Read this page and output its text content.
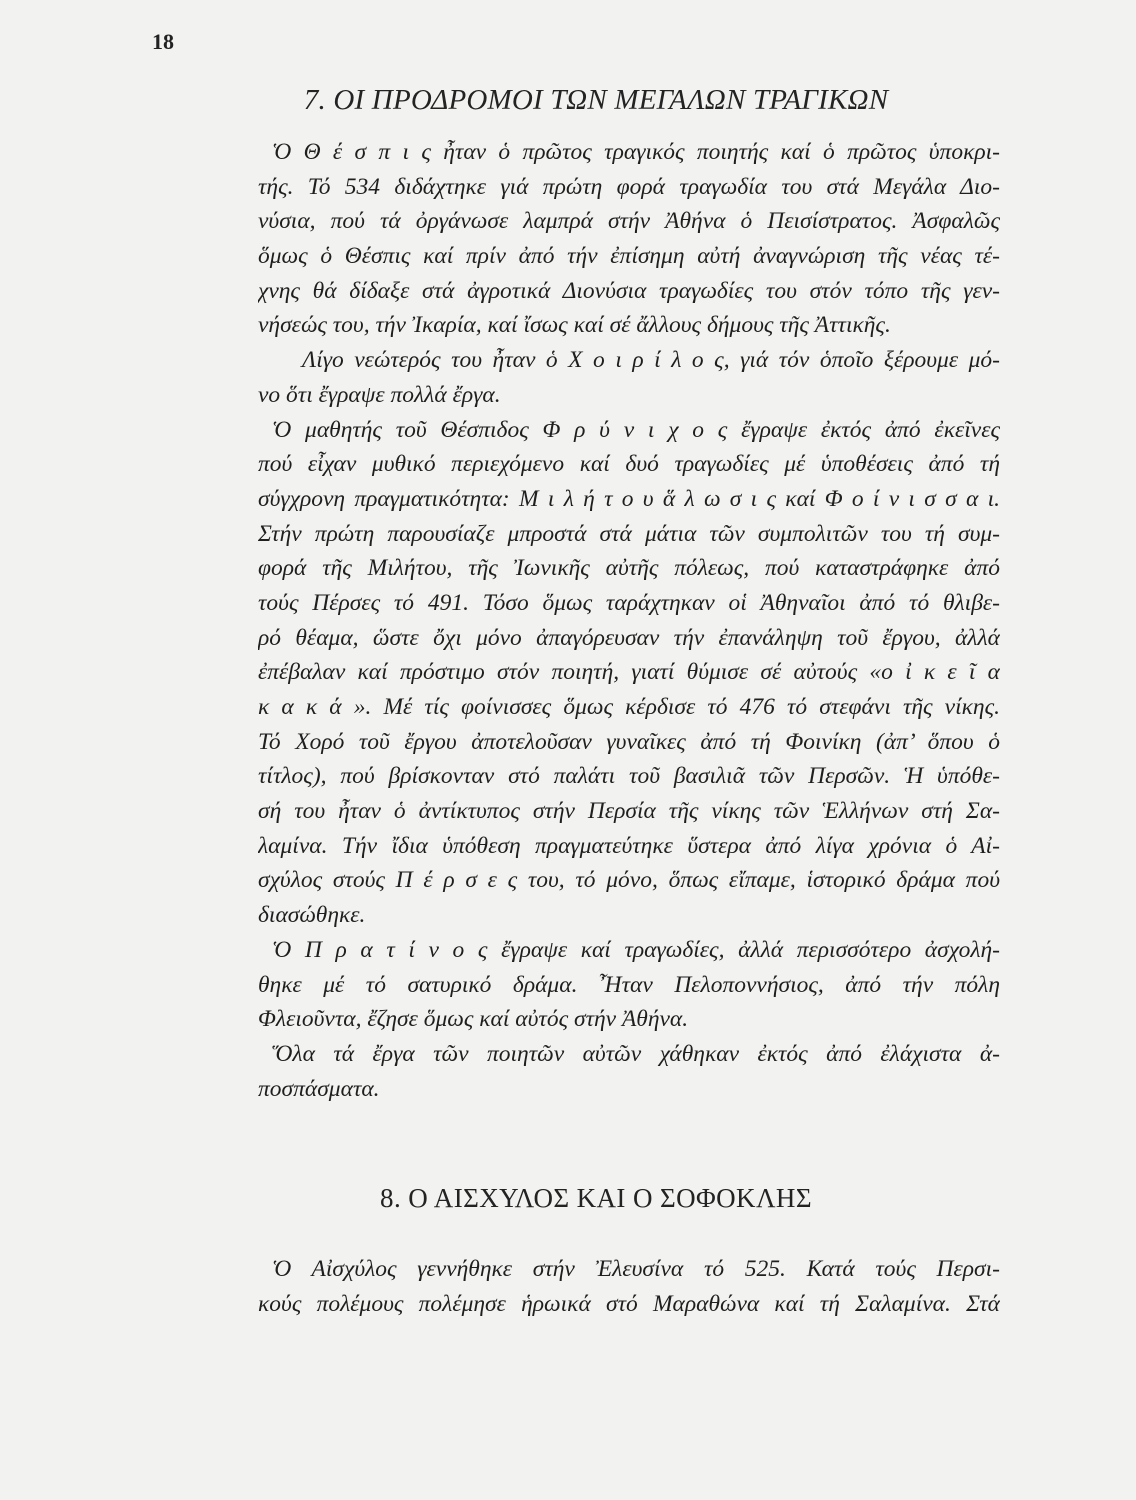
18
7. ΟΙ ΠΡΟΔΡΟΜΟΙ ΤΩΝ ΜΕΓΑΛΩΝ ΤΡΑΓΙΚΩΝ
Ὁ Θ έ σ π ι ς ἦταν ὁ πρῶτος τραγικός ποιητής καί ὁ πρῶτος ὑποκρι-
τής. Τό 534 διδάχτηκε γιά πρώτη φορά τραγωδία του στά Μεγάλα Διο-
νύσια, πού τά ὀργάνωσε λαμπρά στήν Ἀθήνα ὁ Πεισίστρατος. Ἀσφαλῶς
ὅμως ὁ Θέσπις καί πρίν ἀπό τήν ἐπίσημη αὐτή ἀναγνώριση τῆς νέας τέ-
χνης θά δίδαξε στά ἀγροτικά Διονύσια τραγωδίες του στόν τόπο τῆς γεν-
νήσεώς του, τήν Ἰκαρία, καί ἴσως καί σέ ἄλλους δήμους τῆς Ἀττικῆς.
Λίγο νεώτερός του ἦταν ὁ Χ ο ι ρ ί λ ο ς, γιά τόν ὁποῖο ξέρουμε μό-
νο ὅτι ἔγραψε πολλά ἔργα.
Ὁ μαθητής τοῦ Θέσπιδος Φ ρ ύ ν ι χ ο ς ἔγραψε ἐκτός ἀπό ἐκεῖνες
πού εἶχαν μυθικό περιεχόμενο καί δυό τραγωδίες μέ ὑποθέσεις ἀπό τή
σύγχρονη πραγματικότητα: Μ ι λ ή τ ο υ ἅ λ ω σ ι ς καί Φ ο ί ν ι σ σ α ι.
Στήν πρώτη παρουσίαζε μπροστά στά μάτια τῶν συμπολιτῶν του τή συμ-
φορά τῆς Μιλήτου, τῆς Ἰωνικῆς αὐτῆς πόλεως, πού καταστράφηκε ἀπό
τούς Πέρσες τό 491. Τόσο ὅμως ταράχτηκαν οἱ Ἀθηναῖοι ἀπό τό θλιβε-
ρό θέαμα, ὥστε ὄχι μόνο ἀπαγόρευσαν τήν ἐπανάληψη τοῦ ἔργου, ἀλλά
ἐπέβαλαν καί πρόστιμο στόν ποιητή, γιατί θύμισε σέ αὐτούς «ο ἰ κ ε ῖ α
κ α κ ά ». Μέ τίς φοίνισσες ὅμως κέρδισε τό 476 τό στεφάνι τῆς νίκης.
Τό Χορό τοῦ ἔργου ἀποτελοῦσαν γυναῖκες ἀπό τή Φοινίκη (ἀπ’ ὅπου ὁ
τίτλος), πού βρίσκονταν στό παλάτι τοῦ βασιλιᾶ τῶν Περσῶν. Ἡ ὑπόθε-
σή του ἦταν ὁ ἀντίκτυπος στήν Περσία τῆς νίκης τῶν Ἑλλήνων στή Σα-
λαμίνα. Τήν ἴδια ὑπόθεση πραγματεύτηκε ὕστερα ἀπό λίγα χρόνια ὁ Αἰ-
σχύλος στούς Π έ ρ σ ε ς του, τό μόνο, ὅπως εἴπαμε, ἱστορικό δράμα πού
διασώθηκε.
Ὁ Π ρ α τ ί ν ο ς ἔγραψε καί τραγωδίες, ἀλλά περισσότερο ἀσχολή-
θηκε μέ τό σατυρικό δράμα. Ἦταν Πελοποννήσιος, ἀπό τήν πόλη
Φλειοῦντα, ἔζησε ὅμως καί αὐτός στήν Ἀθήνα.
Ὅλα τά ἔργα τῶν ποιητῶν αὐτῶν χάθηκαν ἐκτός ἀπό ἐλάχιστα ἀ-
ποσπάσματα.
8. Ο ΑΙΣΧΥΛΟΣ ΚΑΙ Ο ΣΟΦΟΚΛΗΣ
Ὁ Αἰσχύλος γεννήθηκε στήν Ἐλευσίνα τό 525. Κατά τούς Περσι-
κούς πολέμους πολέμησε ἡρωικά στό Μαραθώνα καί τή Σαλαμίνα. Στά
